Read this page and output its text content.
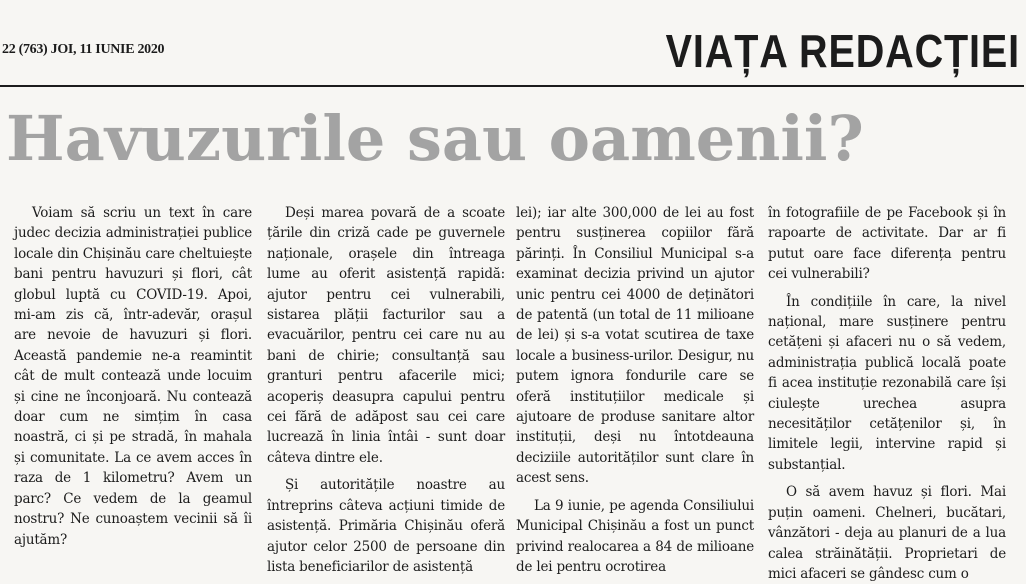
22 (763) JOI, 11 IUNIE 2020	VIAȚA REDACȚIEI
Havuzurile sau oamenii?

Voiam să scriu un text în care judec decizia administrației publice locale din Chișinău care cheltuiește bani pentru havuzuri și flori, cât globul luptă cu COVID-19. Apoi, mi-am zis că, într-adevăr, orașul are nevoie de havuzuri și flori. Această pandemie ne-a reamintit cât de mult contează unde locuim și cine ne înconjoară. Nu contează doar cum ne simțim în casa noastră, ci și pe stradă, în mahala și comunitate. La ce avem acces în raza de 1 kilometru? Avem un parc? Ce vedem de la geamul nostru? Ne cunoaștem vecinii să îi ajutăm?

Deși marea povară de a scoate țările din criză cade pe guvernele naționale, orașele din întreaga lume au oferit asistență rapidă: ajutor pentru cei vulnerabili, sistarea plății facturilor sau a evacuărilor, pentru cei care nu au bani de chirie; consultanță sau granturi pentru afacerile mici; acoperiș deasupra capului pentru cei fără de adăpost sau cei care lucrează în linia întâi - sunt doar câteva dintre ele.

Și autoritățile noastre au întreprins câteva acțiuni timide de asistență. Primăria Chișinău oferă ajutor celor 2500 de persoane din lista beneficiarilor de asistență

lei); iar alte 300,000 de lei au fost pentru susținerea copiilor fără părinți. În Consiliul Municipal s-a examinat decizia privind un ajutor unic pentru cei 4000 de deținători de patentă (un total de 11 milioane de lei) și s-a votat scutirea de taxe locale a business-urilor. Desigur, nu putem ignora fondurile care se oferă instituțiilor medicale și ajutoare de produse sanitare altor instituții, deși nu întotdeauna deciziile autorităților sunt clare în acest sens.

La 9 iunie, pe agenda Consiliului Municipal Chișinău a fost un punct privind realocarea a 84 de milioane de lei pentru ocrotirea

în fotografiile de pe Facebook și în rapoarte de activitate. Dar ar fi putut oare face diferența pentru cei vulnerabili?

În condițiile în care, la nivel național, mare susținere pentru cetățeni și afaceri nu o să vedem, administrația publică locală poate fi acea instituție rezonabilă care își ciulește urechea asupra necesităților cetățenilor și, în limitele legii, intervine rapid și substanțial.

O să avem havuz și flori. Mai puțin oameni. Chelneri, bucătari, vânzători - deja au planuri de a lua calea străinătății. Proprietari de mici afaceri se gândesc cum o
